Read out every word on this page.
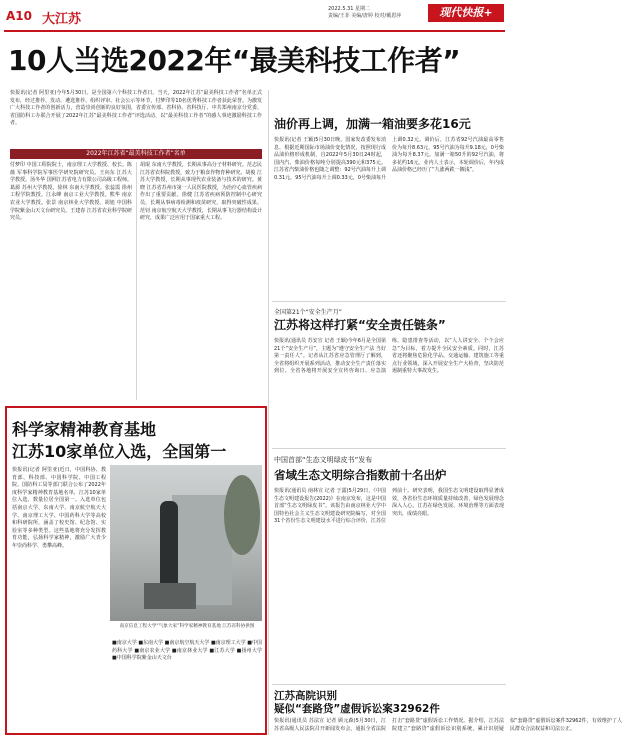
A10 大江苏
2022.5.31 星期二
责编/王菲 美编/唐婷 校对/戴恩萍	现代快报+
10人当选2022年“最美科技工作者”
快报讯(记者 阿里亚)今年5月30日，是全国第六个科技工作者日。当天，2022年江苏“最美科技工作者”名单正式发布，经过推荐、发动、遴选推荐、组织评审、社会公示等环节，付梦印等10名优秀科技工作者获此荣誉。为激发广大科技工作者的创新活力，营造崇尚创新的良好氛围，省委宣传部、省科协、省科技厅、中共郑州南京分党委、省国防科工办联合开展了2022年江苏“最美科技工作者”评选活动，以“最美科技工作者”的感人事迹激励科技工作者。
2022年江苏省“最美科技工作者”名单
付梦印 中国工程院院士，南京理工大学教授、校长。陈薇 军事科学院军事医学研究院研究员。王向东 江苏大学教授。汤冬华 国网江苏省电力有限公司高级工程师。葛源 苏州大学教授。徐林 东南大学教授。张蕊霞 徐州工程学院教授。江永峰 南京工业大学教授。熊华 南京农业大学教授。张景 南京林业大学教授。胡旭 中国科学院紫金山天文台研究员。王建春 江苏省农业科学院研究员。
胡琨 东南大学教授，长期从事高分子材料研究。范志民 江苏省农科院教授，致力于粮食作物育种研究。胡俊 江苏大学教授，长期从事现代农业装备与技术的研究。黄晓 江苏省苏州市第一人民医院教授，为治疗心血管疾病作出了重要贡献。徐健 江苏省疾病预防控制中心研究员，长期从事病毒检测和疫苗研究，取得突破性成果。范钊 南京航空航天大学教授，长期从事飞行器结构设计研究，成果广泛应用于国家重大工程。
油价再上调，加满一箱油要多花16元
快报讯(记者 王颖)5月30日晚，国家发改委发布消息，根据近期国际市场油价变化情况，按照现行成品油价格形成机制，自2022年5月30日24时起，国内汽、柴油价格每吨分别提高390元和375元。江苏省汽柴油价格也随之调整：92号汽油每升上调0.31元，95号汽油每升上调0.33元，0号柴油每升上调0.32元。调价后，江苏省92号汽油最高零售价为每升8.63元，95号汽油为每升9.18元，0号柴油为每升8.37元。加满一箱50升的92号汽油，将多花约16元。业内人士表示，本轮调价后，年内成品油价格已经历了“九涨两跌一搁浅”。
全国第21个“安全生产月”
江苏将这样打紧“安全责任链条”
快报讯(通讯员 苏安宣 记者 王颖)今年6月是全国第21个“安全生产月”，主题为“遵守安全生产法 当好第一责任人”。记者从江苏省应急管理厅了解到，全省将组织开展系列活动，推动安全生产责任落实到位。全省各地将开展安全宣传咨询日、应急演练、隐患排查等活动，以“人人讲安全、个个会应急”为目标，着力提升全民安全素质。同时，江苏省还将聚焦危险化学品、交通运输、建筑施工等重点行业领域，深入开展安全生产大检查，坚决防范遏制重特大事故发生。
中国首部“生态文明绿皮书”发布
省域生态文明综合指数前十名出炉
快报讯(通讯员 南林宣 记者 于露)5月29日，《中国生态文明建设报告(2022)》在南京发布，这是中国首部“生态文明绿皮书”。该报告由南京林业大学中国特色社会主义生态文明建设研究院编写，对全国31个省份生态文明建设水平进行综合评价，江苏位列前十。研究表明，我国生态文明建设取得显著成效，各省份生态环境质量持续改善，绿色发展理念深入人心。江苏在绿色发展、环境治理等方面表现突出，成绩亮眼。
江苏高院识别
疑似“套路贷”虚假诉讼案32962件
快报讯(通讯员 苏法宣 记者 顾元森)5月30日，江苏省高级人民法院召开新闻发布会，通报全省法院打击“套路贷”虚假诉讼工作情况。据介绍，江苏法院建立“套路贷”虚假诉讼识别系统，累计识别疑似“套路贷”虚假诉讼案件32962件，有效维护了人民群众合法权益和司法公正。
科学家精神教育基地
江苏10家单位入选，全国第一
快报讯(记者 阿里亚)近日，中国科协、教育部、科技部、中国科学院、中国工程院、国防科工局等部门联合公布了2022年度科学家精神教育基地名单，江苏10家单位入选，数量位居全国第一。入选单位包括南京大学、东南大学、南京航空航天大学、南京理工大学、中国药科大学等高校和科研院所，涵盖了校史馆、纪念馆、实验室等多种类型。这些基地将充分发挥教育功能，弘扬科学家精神，激励广大青少年崇尚科学、勇攀高峰。
南京信息工程大学“气象大家”科学家精神教育基地 江苏省科协供图
■南京大学 ■东南大学 ■南京航空航天大学 ■南京理工大学 ■中国药科大学 ■南京农业大学 ■南京林业大学 ■江苏大学 ■扬州大学 ■中国科学院紫金山天文台
